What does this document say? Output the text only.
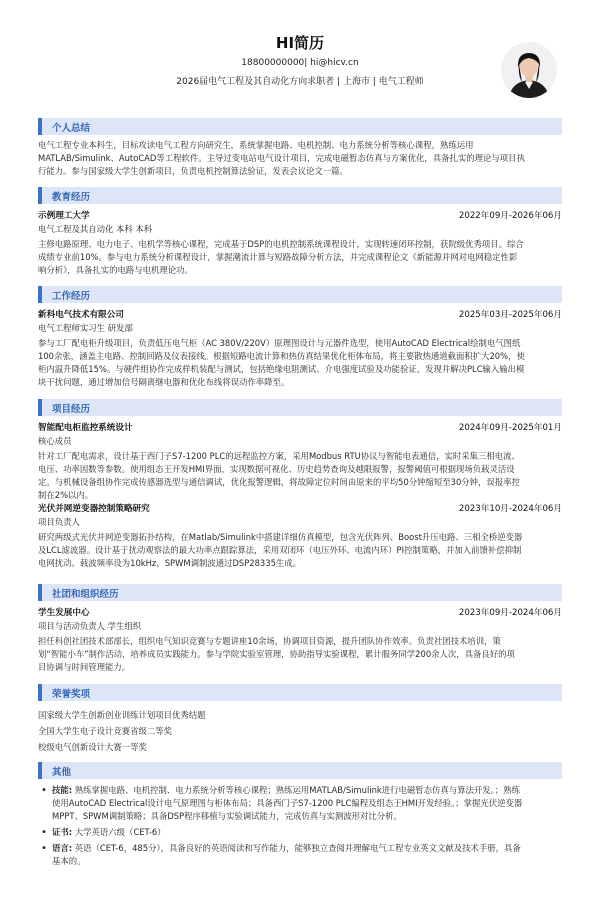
HI简历
18800000000| hi@hicv.cn
2026届电气工程及其自动化方向求职者 | 上海市 | 电气工程师
个人总结
电气工程专业本科生，目标攻读电气工程方向研究生，系统掌握电路、电机控制、电力系统分析等核心课程，熟练运用
MATLAB/Simulink、AutoCAD等工程软件。主导过变电站电气设计项目，完成电磁暂态仿真与方案优化，具备扎实的理论与项目执
行能力。参与国家级大学生创新项目，负责电机控制算法验证，发表会议论文一篇。
教育经历
示例理工大学	2022年09月-2026年06月
电气工程及其自动化 本科 本科
主修电路原理、电力电子、电机学等核心课程，完成基于DSP的电机控制系统课程设计，实现转速闭环控制，获院级优秀项目。综合
成绩专业前10%。参与电力系统分析课程设计，掌握潮流计算与短路故障分析方法，并完成课程论文《新能源并网对电网稳定性影
响分析》，具备扎实的电路与电机理论功。
工作经历
新科电气技术有限公司	2025年03月-2025年06月
电气工程师实习生 研发部
参与工厂配电柜升级项目，负责低压电气柜（AC 380V/220V）原理图设计与元器件选型，使用AutoCAD Electrical绘制电气图纸
100余张，涵盖主电路、控制回路及仪表接线。根据短路电流计算和热仿真结果优化柜体布局，将主要散热通道截面积扩大20%，使
柜内温升降低15%。与硬件组协作完成样机装配与测试，包括绝缘电阻测试、介电强度试验及功能验证，发现并解决PLC输入输出模
块干扰问题，通过增加信号隔离继电器和优化布线将误动作率降至。
项目经历
智能配电柜监控系统设计	2024年09月-2025年01月
核心成员
针对工厂配电需求，设计基于西门子S7-1200 PLC的远程监控方案，采用Modbus RTU协议与智能电表通信，实时采集三相电流、
电压、功率因数等参数。使用组态王开发HMI界面，实现数据可视化、历史趋势查询及越限报警，报警阈值可根据现场负载灵活设
定。与机械设备组协作完成传感器选型与通信调试，优化报警逻辑，将故障定位时间由原来的平均50分钟缩短至30分钟，误报率控
制在2%以内。
光伏并网逆变器控制策略研究	2023年10月-2024年06月
项目负责人
研究两级式光伏并网逆变器拓扑结构，在Matlab/Simulink中搭建详细仿真模型，包含光伏阵列、Boost升压电路、三相全桥逆变器
及LCL滤波器。设计基于扰动观察法的最大功率点跟踪算法，采用双闭环（电压外环、电流内环）PI控制策略，并加入前馈补偿抑制
电网扰动。载波频率设为10kHz，SPWM调制波通过DSP28335生成。
社团和组织经历
学生发展中心	2023年09月-2024年06月
项目与活动负责人 学生组织
担任科创社团技术部部长，组织电气知识竞赛与专题讲座10余场，协调项目资源，提升团队协作效率。负责社团技术培训，策
划“智能小车”制作活动，培养成员实践能力。参与学院实验室管理，协助指导实验课程，累计服务同学200余人次，具备良好的项
目协调与时间管理能力。
荣誉奖项
国家级大学生创新创业训练计划项目优秀结题
全国大学生电子设计竞赛省级二等奖
校级电气创新设计大赛一等奖
其他
• 技能: 熟练掌握电路、电机控制、电力系统分析等核心课程；熟练运用MATLAB/Simulink进行电磁暂态仿真与算法开发。；熟练
使用AutoCAD Electrical设计电气原理图与柜体布局；具备西门子S7-1200 PLC编程及组态王HMI开发经验。；掌握光伏逆变器
MPPT、SPWM调制策略；具备DSP程序移植与实验调试能力，完成仿真与实测波形对比分析。
• 证书: 大学英语六级（CET-6）
• 语言: 英语（CET-6，485分），具备良好的英语阅读和写作能力，能够独立查阅并理解电气工程专业英文文献及技术手册，具备
基本的。
